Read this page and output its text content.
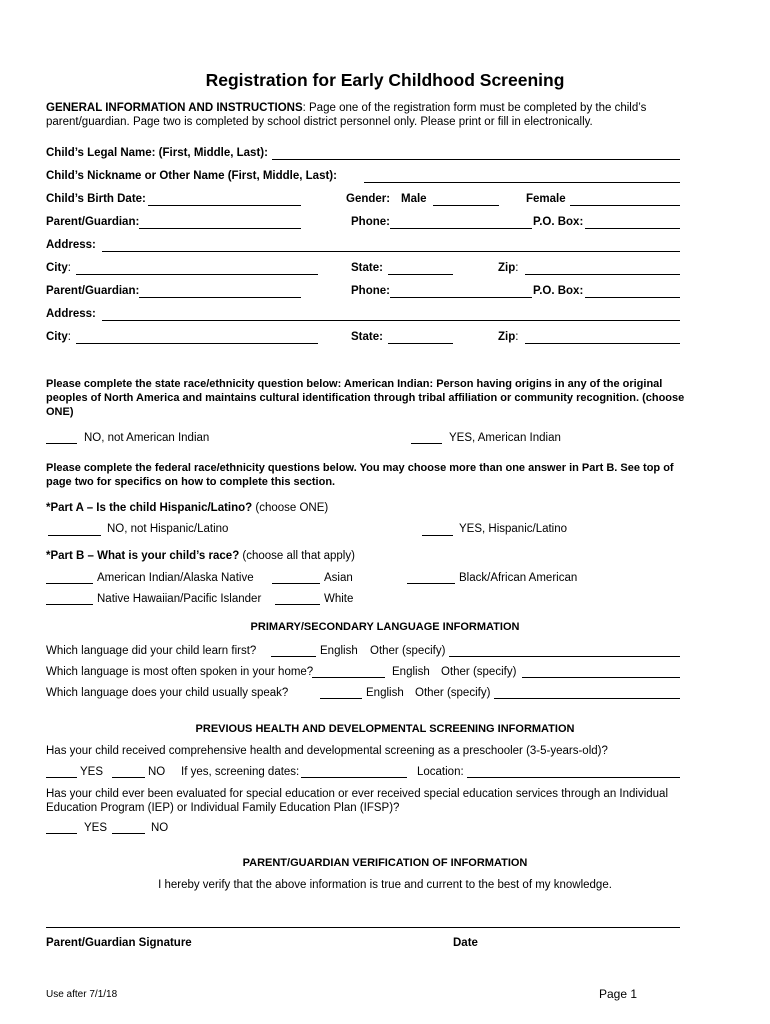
Registration for Early Childhood Screening
GENERAL INFORMATION AND INSTRUCTIONS: Page one of the registration form must be completed by the child’s parent/guardian. Page two is completed by school district personnel only. Please print or fill in electronically.
Child’s Legal Name: (First, Middle, Last):
Child’s Nickname or Other Name (First, Middle, Last):
Child’s Birth Date:	Gender: Male	Female
Parent/Guardian:	Phone:	P.O. Box:
Address:
City:	State:	Zip:
Parent/Guardian:	Phone:	P.O. Box:
Address:
City:	State:	Zip:
Please complete the state race/ethnicity question below: American Indian: Person having origins in any of the original peoples of North America and maintains cultural identification through tribal affiliation or community recognition. (choose ONE)
NO, not American Indian	YES, American Indian
Please complete the federal race/ethnicity questions below. You may choose more than one answer in Part B. See top of page two for specifics on how to complete this section.
*Part A – Is the child Hispanic/Latino? (choose ONE)
NO, not Hispanic/Latino	YES, Hispanic/Latino
*Part B – What is your child’s race? (choose all that apply)
American Indian/Alaska Native	Asian	Black/African American
Native Hawaiian/Pacific Islander	White
PRIMARY/SECONDARY LANGUAGE INFORMATION
Which language did your child learn first?	English Other (specify)
Which language is most often spoken in your home?	English Other (specify)
Which language does your child usually speak?	English Other (specify)
PREVIOUS HEALTH AND DEVELOPMENTAL SCREENING INFORMATION
Has your child received comprehensive health and developmental screening as a preschooler (3-5-years-old)?
YES	NO If yes, screening dates:	Location:
Has your child ever been evaluated for special education or ever received special education services through an Individual Education Program (IEP) or Individual Family Education Plan (IFSP)?
YES	NO
PARENT/GUARDIAN VERIFICATION OF INFORMATION
I hereby verify that the above information is true and current to the best of my knowledge.
Parent/Guardian Signature	Date
Use after 7/1/18	Page 1
